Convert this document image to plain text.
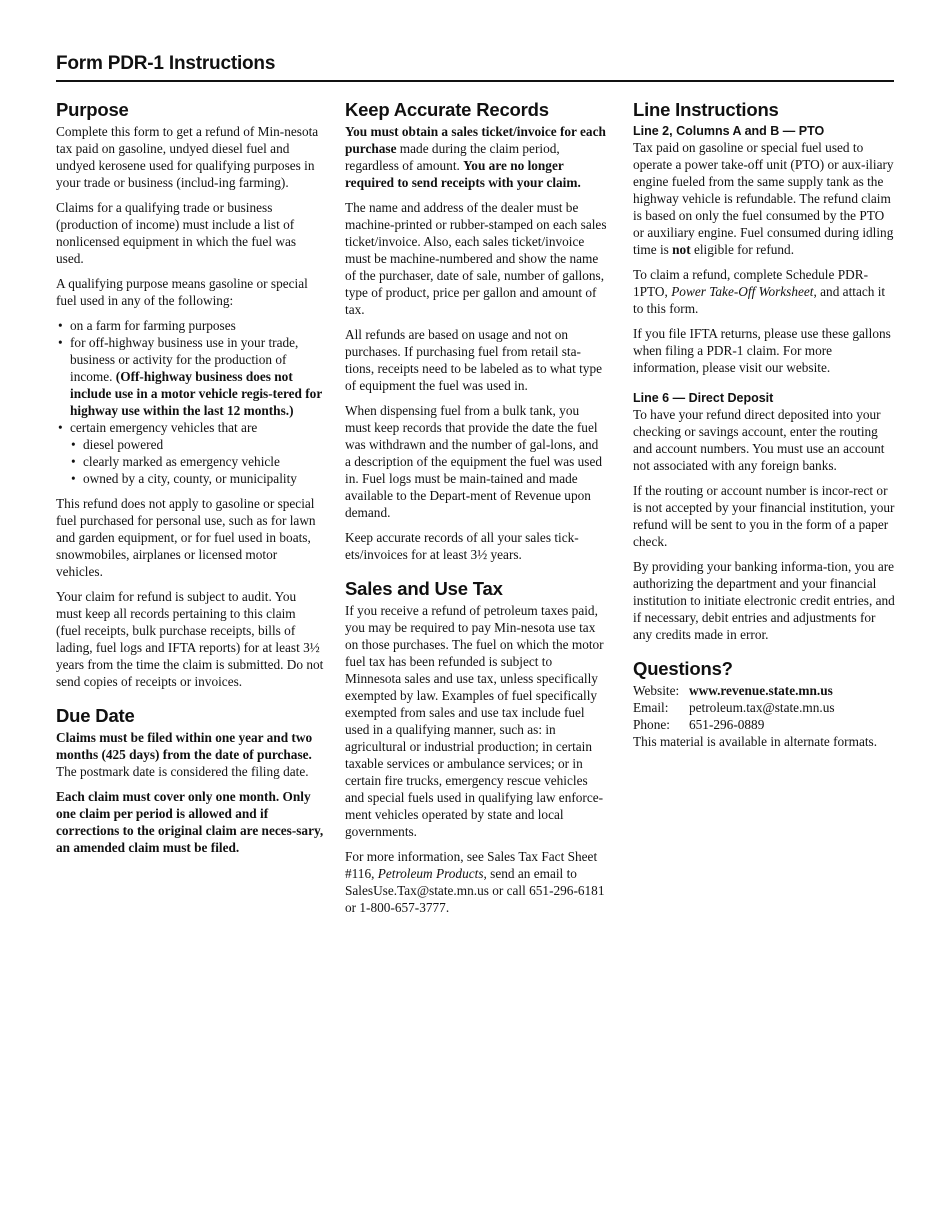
Form PDR-1 Instructions
Purpose

Complete this form to get a refund of Min-nesota tax paid on gasoline, undyed diesel fuel and undyed kerosene used for qualifying purposes in your trade or business (includ-ing farming).

Claims for a qualifying trade or business (production of income) must include a list of nonlicensed equipment in which the fuel was used.

A qualifying purpose means gasoline or special fuel used in any of the following:

• on a farm for farming purposes
• for off-highway business use in your trade, business or activity for the production of income. (Off-highway business does not include use in a motor vehicle regis-tered for highway use within the last 12 months.)
• certain emergency vehicles that are
• diesel powered
• clearly marked as emergency vehicle
• owned by a city, county, or municipality

This refund does not apply to gasoline or special fuel purchased for personal use, such as for lawn and garden equipment, or for fuel used in boats, snowmobiles, airplanes or licensed motor vehicles.

Your claim for refund is subject to audit. You must keep all records pertaining to this claim (fuel receipts, bulk purchase receipts, bills of lading, fuel logs and IFTA reports) for at least 3½ years from the time the claim is submitted. Do not send copies of receipts or invoices.

Due Date

Claims must be filed within one year and two months (425 days) from the date of purchase. The postmark date is considered the filing date.

Each claim must cover only one month. Only one claim per period is allowed and if corrections to the original claim are neces-sary, an amended claim must be filed.

Keep Accurate Records

You must obtain a sales ticket/invoice for each purchase made during the claim period, regardless of amount. You are no longer required to send receipts with your claim.

The name and address of the dealer must be machine-printed or rubber-stamped on each sales ticket/invoice. Also, each sales ticket/invoice must be machine-numbered and show the name of the purchaser, date of sale, number of gallons, type of product, price per gallon and amount of tax.

All refunds are based on usage and not on purchases. If purchasing fuel from retail sta-tions, receipts need to be labeled as to what type of equipment the fuel was used in.

When dispensing fuel from a bulk tank, you must keep records that provide the date the fuel was withdrawn and the number of gal-lons, and a description of the equipment the fuel was used in. Fuel logs must be main-tained and made available to the Depart-ment of Revenue upon demand.

Keep accurate records of all your sales tick-ets/invoices for at least 3½ years.

Sales and Use Tax

If you receive a refund of petroleum taxes paid, you may be required to pay Min-nesota use tax on those purchases. The fuel on which the motor fuel tax has been refunded is subject to Minnesota sales and use tax, unless specifically exempted by law. Examples of fuel specifically exempted from sales and use tax include fuel used in a qualifying manner, such as: in agricultural or industrial production; in certain taxable services or ambulance services; or in certain fire trucks, emergency rescue vehicles and special fuels used in qualifying law enforce-ment vehicles operated by state and local governments.

For more information, see Sales Tax Fact Sheet #116, Petroleum Products, send an email to SalesUse.Tax@state.mn.us or call 651-296-6181 or 1-800-657-3777.

Line Instructions
Line 2, Columns A and B — PTO

Tax paid on gasoline or special fuel used to operate a power take-off unit (PTO) or aux-iliary engine fueled from the same supply tank as the highway vehicle is refundable. The refund claim is based on only the fuel consumed by the PTO or auxiliary engine. Fuel consumed during idling time is not eligible for refund.

To claim a refund, complete Schedule PDR-1PTO, Power Take-Off Worksheet, and attach it to this form.

If you file IFTA returns, please use these gallons when filing a PDR-1 claim. For more information, please visit our website.

Line 6 — Direct Deposit

To have your refund direct deposited into your checking or savings account, enter the routing and account numbers. You must use an account not associated with any foreign banks.

If the routing or account number is incor-rect or is not accepted by your financial institution, your refund will be sent to you in the form of a paper check.

By providing your banking informa-tion, you are authorizing the department and your financial institution to initiate electronic credit entries, and if necessary, debit entries and adjustments for any credits made in error.

Questions?
Website: www.revenue.state.mn.us
Email:	petroleum.tax@state.mn.us
Phone:	651-296-0889
This material is available in alternate formats.
